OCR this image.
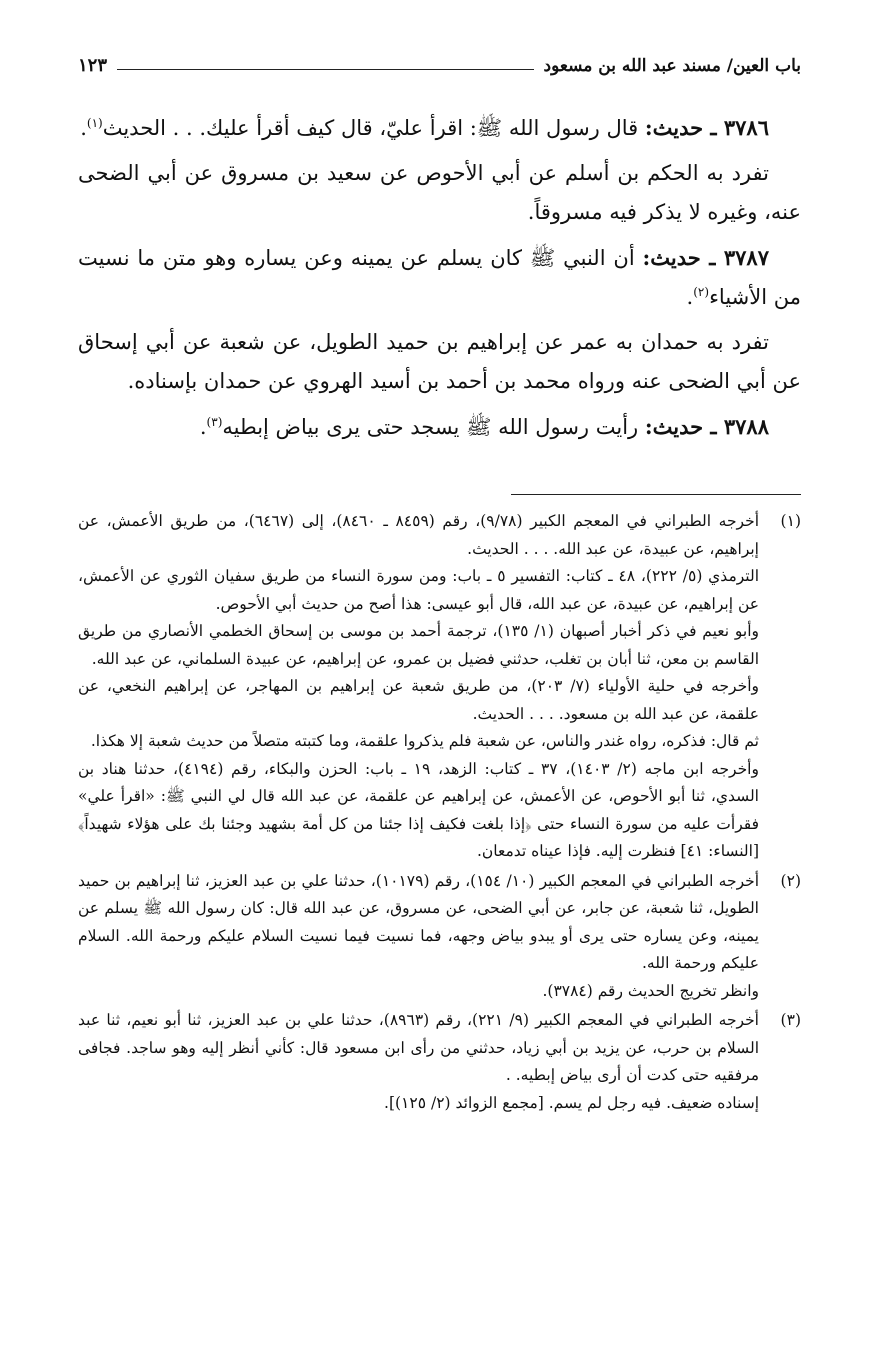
باب العين/ مسند عبد الله بن مسعود
١٢٣

٣٧٨٦ ـ حديث: قال رسول الله ﷺ: اقرأ عليّ، قال كيف أقرأ عليك. . . الحديث$^{(١)}$.

تفرد به الحكم بن أسلم عن أبي الأحوص عن سعيد بن مسروق عن أبي الضحى عنه، وغيره لا يذكر فيه مسروقاً.

٣٧٨٧ ـ حديث: أن النبي ﷺ كان يسلم عن يمينه وعن يساره وهو متن ما نسيت من الأشياء$^{(٢)}$.

تفرد به حمدان به عمر عن إبراهيم بن حميد الطويل، عن شعبة عن أبي إسحاق عن أبي الضحى عنه ورواه محمد بن أحمد بن أسيد الهروي عن حمدان بإسناده.

٣٧٨٨ ـ حديث: رأيت رسول الله ﷺ يسجد حتى يرى بياض إبطيه$^{(٣)}$.

(١)

أخرجه الطبراني في المعجم الكبير (٩/٧٨)، رقم (٨٤٥٩ ـ ٨٤٦٠)، إلى (٦٤٦٧)، من طريق الأعمش، عن إبراهيم، عن عبيدة، عن عبد الله. . . . الحديث.

الترمذي (٥/ ٢٢٢)، ٤٨ ـ كتاب: التفسير ٥ ـ باب: ومن سورة النساء من طريق سفيان الثوري عن الأعمش، عن إبراهيم، عن عبيدة، عن عبد الله، قال أبو عيسى: هذا أصح من حديث أبي الأحوص.

وأبو نعيم في ذكر أخبار أصبهان (١/ ١٣٥)، ترجمة أحمد بن موسى بن إسحاق الخطمي الأنصاري من طريق القاسم بن معن، ثنا أبان بن تغلب، حدثني فضيل بن عمرو، عن إبراهيم، عن عبيدة السلماني، عن عبد الله.

وأخرجه في حلية الأولياء (٧/ ٢٠٣)، من طريق شعبة عن إبراهيم بن المهاجر، عن إبراهيم النخعي، عن علقمة، عن عبد الله بن مسعود. . . . الحديث.

ثم قال: فذكره، رواه غندر والناس، عن شعبة فلم يذكروا علقمة، وما كتبته متصلاً من حديث شعبة إلا هكذا.

وأخرجه ابن ماجه (٢/ ١٤٠٣)، ٣٧ ـ كتاب: الزهد، ١٩ ـ باب: الحزن والبكاء، رقم (٤١٩٤)، حدثنا هناد بن السدي، ثنا أبو الأحوص، عن الأعمش، عن إبراهيم عن علقمة، عن عبد الله قال لي النبي ﷺ: «اقرأ علي» فقرأت عليه من سورة النساء حتى ﴿إذا بلغت فكيف إذا جئنا من كل أمة بشهيد وجئنا بك على هؤلاء شهيداً﴾ [النساء: ٤١] فنظرت إليه. فإذا عيناه تدمعان.

(٢)

أخرجه الطبراني في المعجم الكبير (١٠/ ١٥٤)، رقم (١٠١٧٩)، حدثنا علي بن عبد العزيز، ثنا إبراهيم بن حميد الطويل، ثنا شعبة، عن جابر، عن أبي الضحى، عن مسروق، عن عبد الله قال: كان رسول الله ﷺ يسلم عن يمينه، وعن يساره حتى يرى أو يبدو بياض وجهه، فما نسيت فيما نسيت السلام عليكم ورحمة الله. السلام عليكم ورحمة الله.

وانظر تخريج الحديث رقم (٣٧٨٤).

(٣)

أخرجه الطبراني في المعجم الكبير (٩/ ٢٢١)، رقم (٨٩٦٣)، حدثنا علي بن عبد العزيز، ثنا أبو نعيم، ثنا عبد السلام بن حرب، عن يزيد بن أبي زياد، حدثني من رأى ابن مسعود قال: كأني أنظر إليه وهو ساجد. فجافى مرفقيه حتى كدت أن أرى بياض إبطيه. .

إسناده ضعيف. فيه رجل لم يسم. [مجمع الزوائد (٢/ ١٢٥)].
